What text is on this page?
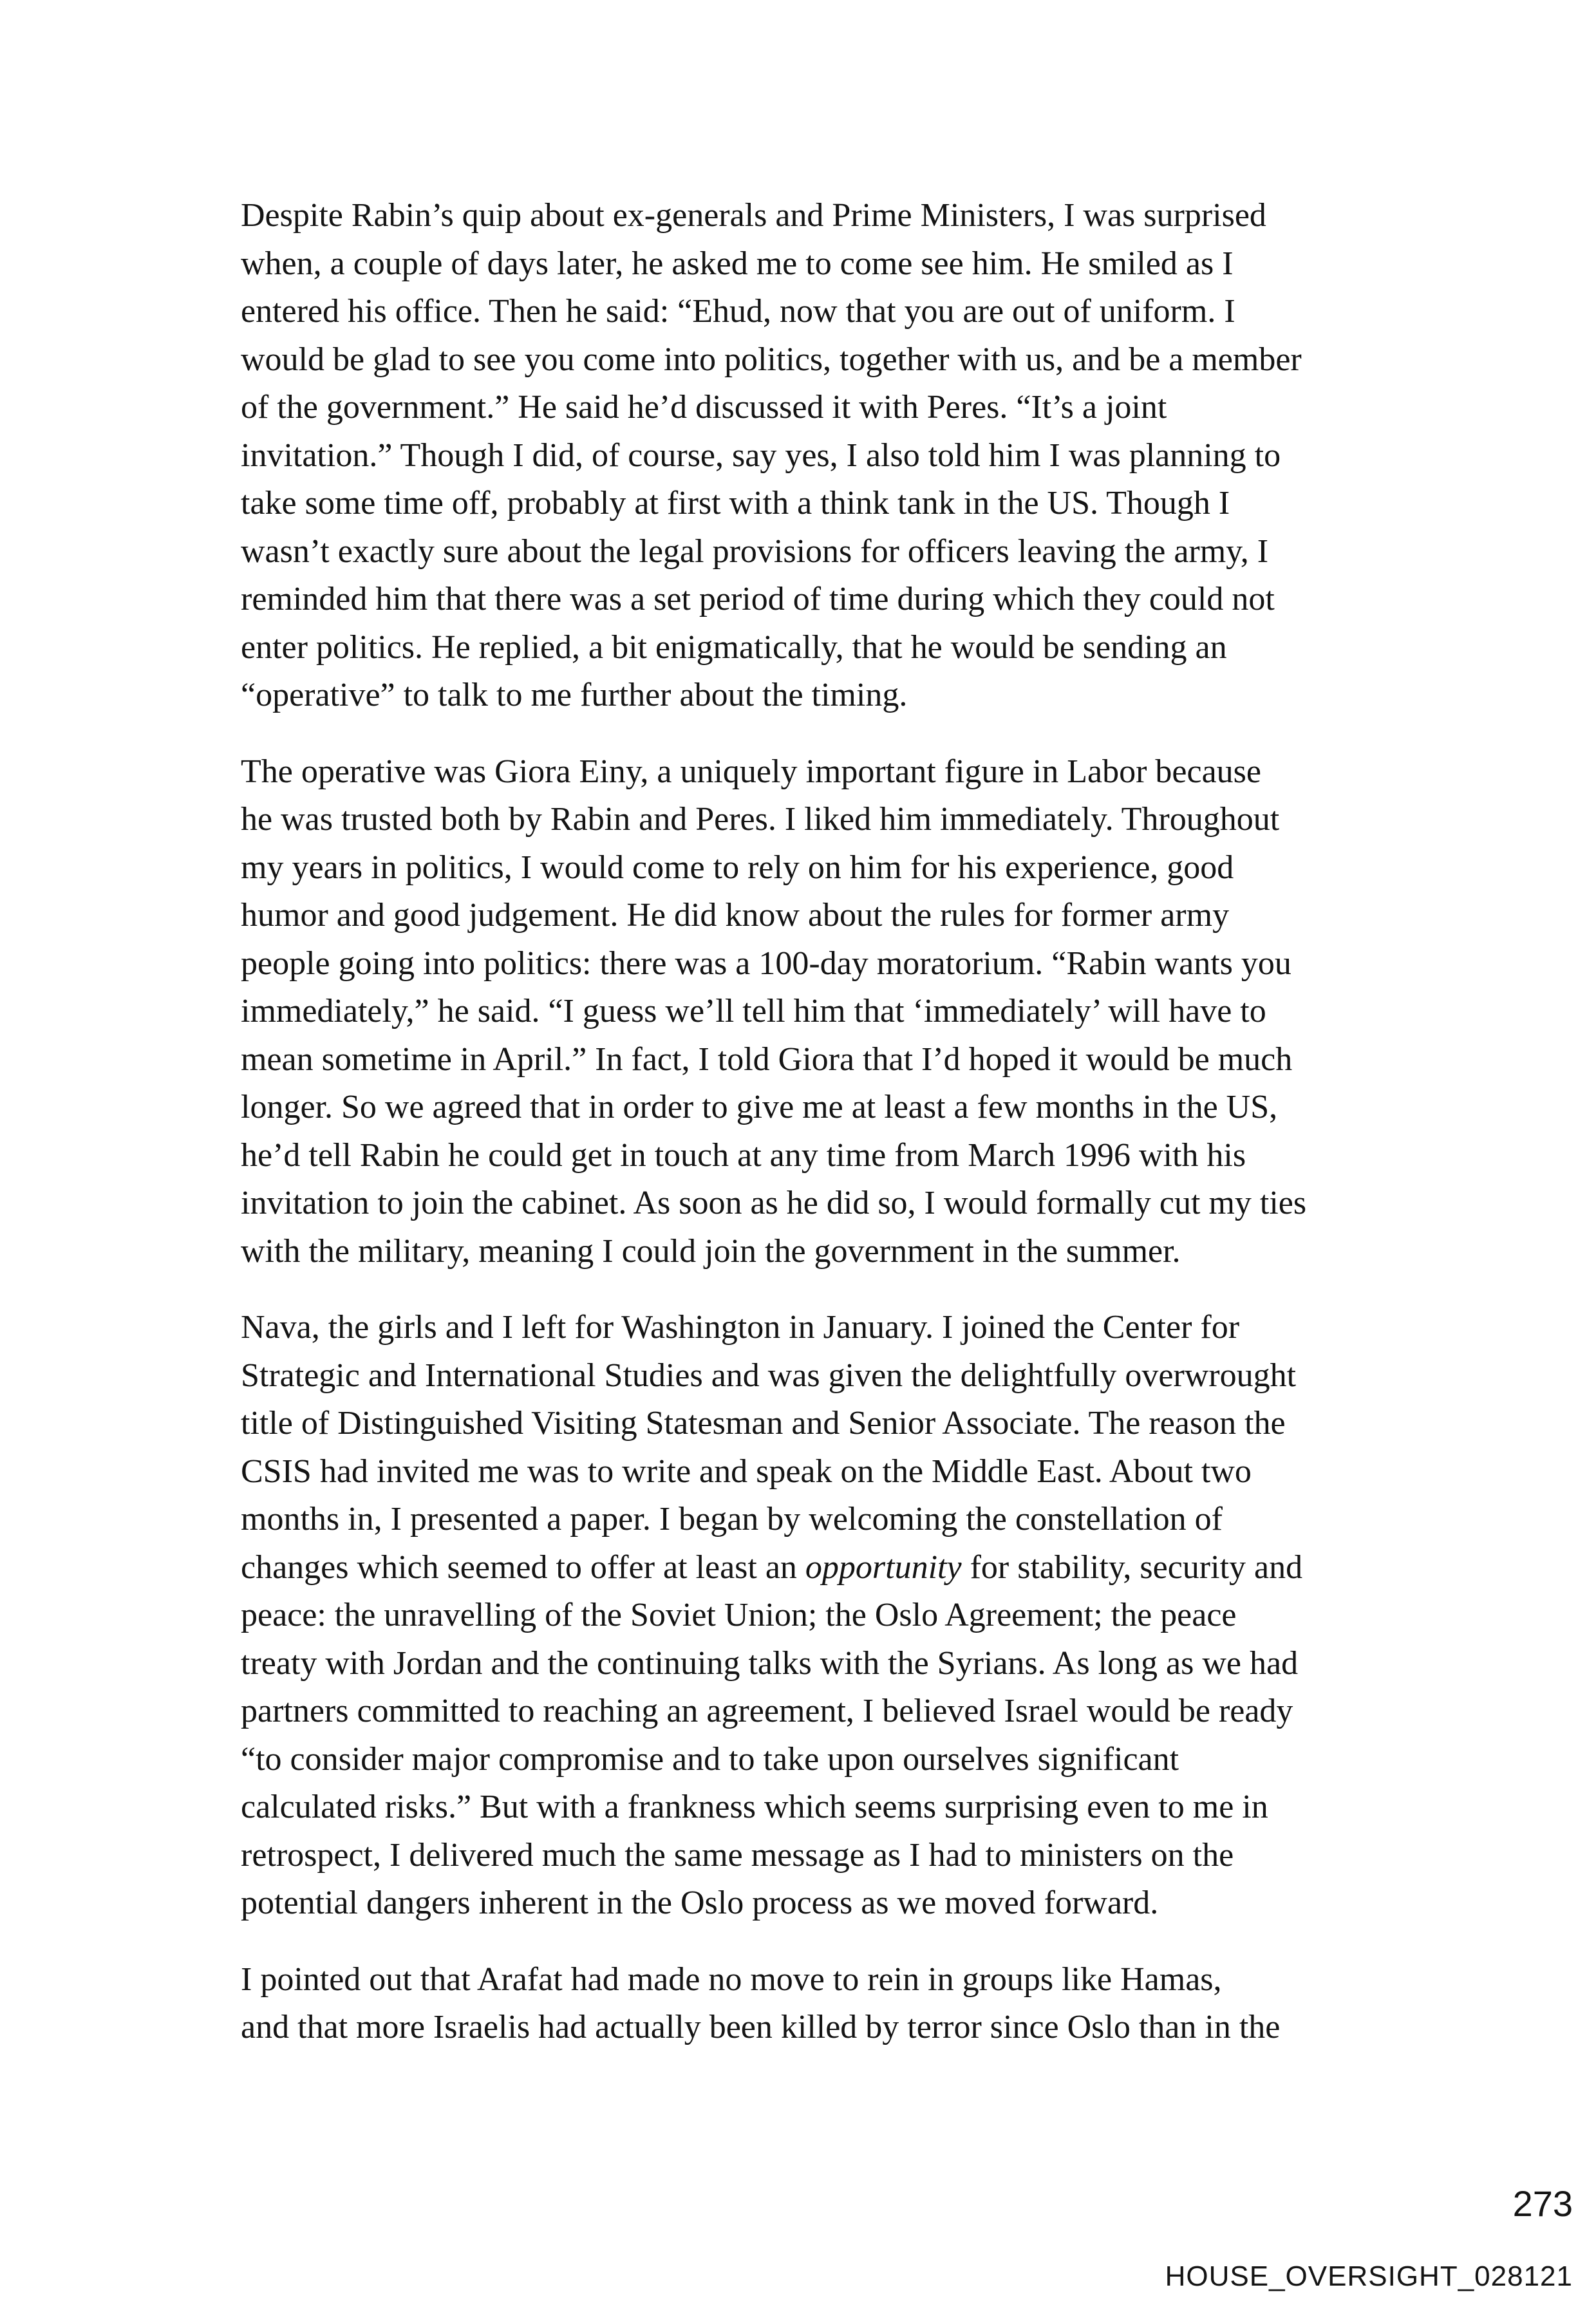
Despite Rabin’s quip about ex-generals and Prime Ministers, I was surprised
when, a couple of days later, he asked me to come see him. He smiled as I
entered his office. Then he said: “Ehud, now that you are out of uniform. I
would be glad to see you come into politics, together with us, and be a member
of the government.” He said he’d discussed it with Peres. “It’s a joint
invitation.” Though I did, of course, say yes, I also told him I was planning to
take some time off, probably at first with a think tank in the US. Though I
wasn’t exactly sure about the legal provisions for officers leaving the army, I
reminded him that there was a set period of time during which they could not
enter politics. He replied, a bit enigmatically, that he would be sending an
“operative” to talk to me further about the timing.

The operative was Giora Einy, a uniquely important figure in Labor because
he was trusted both by Rabin and Peres. I liked him immediately. Throughout
my years in politics, I would come to rely on him for his experience, good
humor and good judgement. He did know about the rules for former army
people going into politics: there was a 100-day moratorium. “Rabin wants you
immediately,” he said. “I guess we’ll tell him that ‘immediately’ will have to
mean sometime in April.” In fact, I told Giora that I’d hoped it would be much
longer. So we agreed that in order to give me at least a few months in the US,
he’d tell Rabin he could get in touch at any time from March 1996 with his
invitation to join the cabinet. As soon as he did so, I would formally cut my ties
with the military, meaning I could join the government in the summer.

Nava, the girls and I left for Washington in January. I joined the Center for
Strategic and International Studies and was given the delightfully overwrought
title of Distinguished Visiting Statesman and Senior Associate. The reason the
CSIS had invited me was to write and speak on the Middle East. About two
months in, I presented a paper. I began by welcoming the constellation of
changes which seemed to offer at least an opportunity for stability, security and
peace: the unravelling of the Soviet Union; the Oslo Agreement; the peace
treaty with Jordan and the continuing talks with the Syrians. As long as we had
partners committed to reaching an agreement, I believed Israel would be ready
“to consider major compromise and to take upon ourselves significant
calculated risks.” But with a frankness which seems surprising even to me in
retrospect, I delivered much the same message as I had to ministers on the
potential dangers inherent in the Oslo process as we moved forward.

I pointed out that Arafat had made no move to rein in groups like Hamas,
and that more Israelis had actually been killed by terror since Oslo than in the

273
HOUSE_OVERSIGHT_028121
